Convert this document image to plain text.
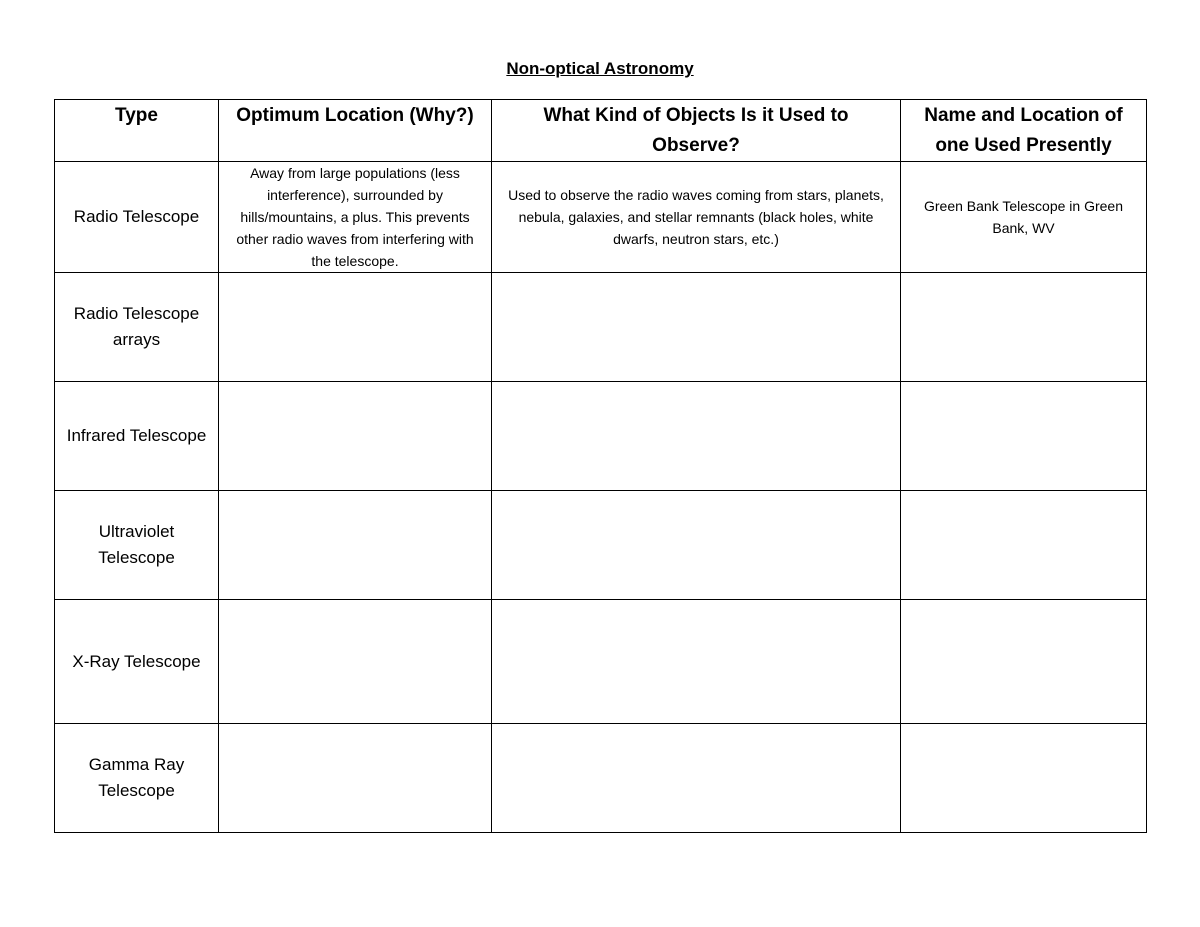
Non-optical Astronomy
Type	Optimum Location (Why?)	What Kind of Objects Is it Used to Observe?	Name and Location of one Used Presently
Radio Telescope	Away from large populations (less interference), surrounded by hills/mountains, a plus. This prevents other radio waves from interfering with the telescope.	Used to observe the radio waves coming from stars, planets, nebula, galaxies, and stellar remnants (black holes, white dwarfs, neutron stars, etc.)	Green Bank Telescope in Green Bank, WV
Radio Telescope arrays			
Infrared Telescope			
Ultraviolet Telescope			
X-Ray Telescope			
Gamma Ray Telescope			
